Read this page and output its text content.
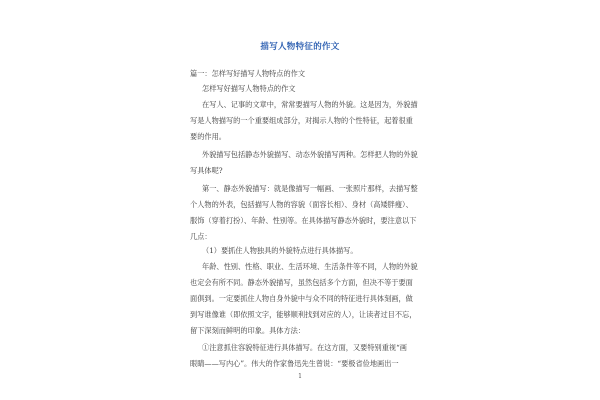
描写人物特征的作文
篇一：怎样写好描写人物特点的作文
怎样写好描写人物特点的作文
在写人、记事的文章中，常常要描写人物的外貌。这是因为，外貌描
写是人物描写的一个重要组成部分，对揭示人物的个性特征，起着很重
要的作用。
外貌描写包括静态外貌描写、动态外貌描写两种。怎样把人物的外貌
写具体呢?
第一、静态外貌描写：就是像描写一幅画、一张照片那样，去描写整
个人物的外表，包括描写人物的容貌（面容长相）、身材（高矮胖瘦）、
服饰（穿着打扮）、年龄、性别等。在具体描写静态外貌时，要注意以下
几点：
（1）要抓住人物独具的外貌特点进行具体描写。
年龄、性别、性格、职业、生活环境、生活条件等不同，人物的外貌
也定会有所不同。静态外貌描写，虽然包括多个方面，但决不等于要面
面俱到。一定要抓住人物自身外貌中与众不同的特征进行具体刻画，做
到写谁像谁（即依照文字，能够顺利找到对应的人），让读者过目不忘，
留下深刻而鲜明的印象。具体方法：
①注意抓住容貌特征进行具体描写。在这方面，又要特别重视“画
眼睛——写内心”。伟大的作家鲁迅先生曾说：“要极省俭地画出一
1
